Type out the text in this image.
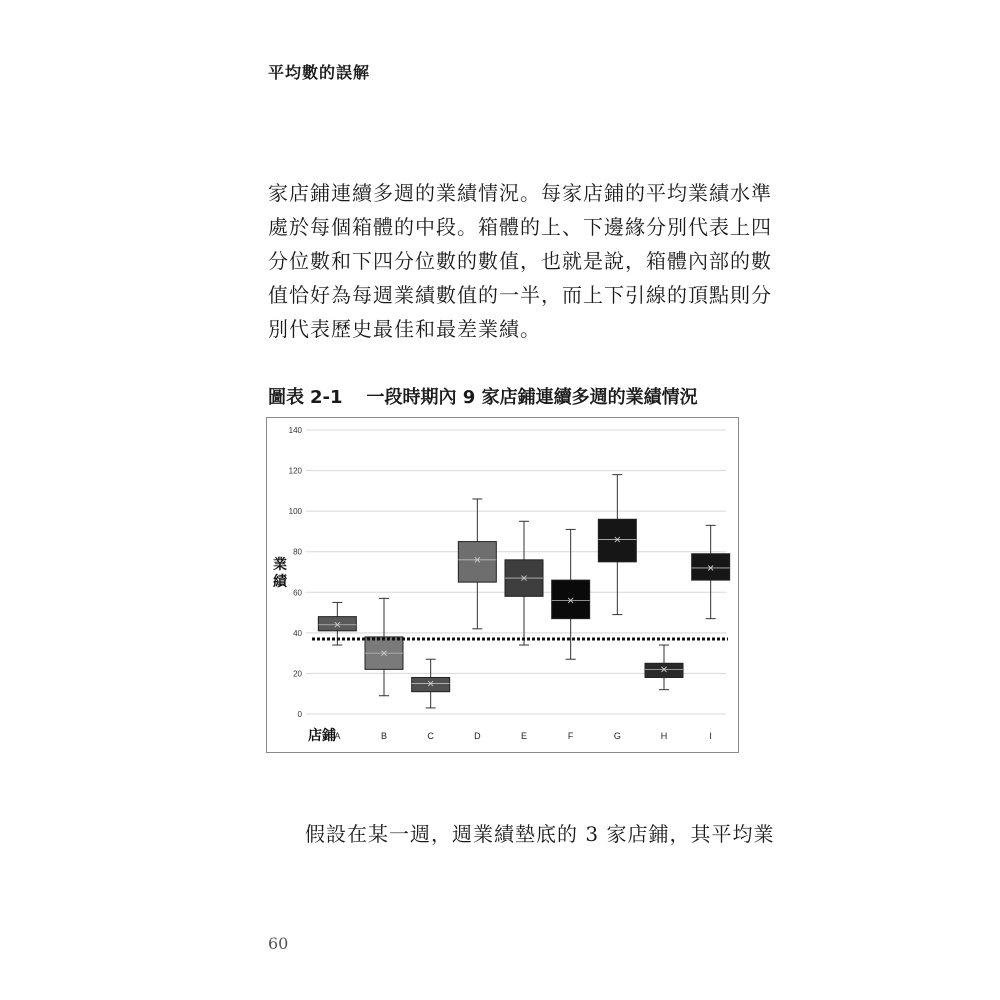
平均數的誤解
家店鋪連續多週的業績情況。每家店鋪的平均業績水準
處於每個箱體的中段。箱體的上、下邊緣分別代表上四
分位數和下四分位數的數值，也就是說，箱體內部的數
值恰好為每週業績數值的一半，而上下引線的頂點則分
別代表歷史最佳和最差業績。
圖表 2-1 一段時期內 9 家店鋪連續多週的業績情況
0
20
40
60
80
100
120
140
業
績
A	B	C	D	E	F	G	H	I
店鋪
假設在某一週，週業績墊底的 3 家店鋪，其平均業
60
